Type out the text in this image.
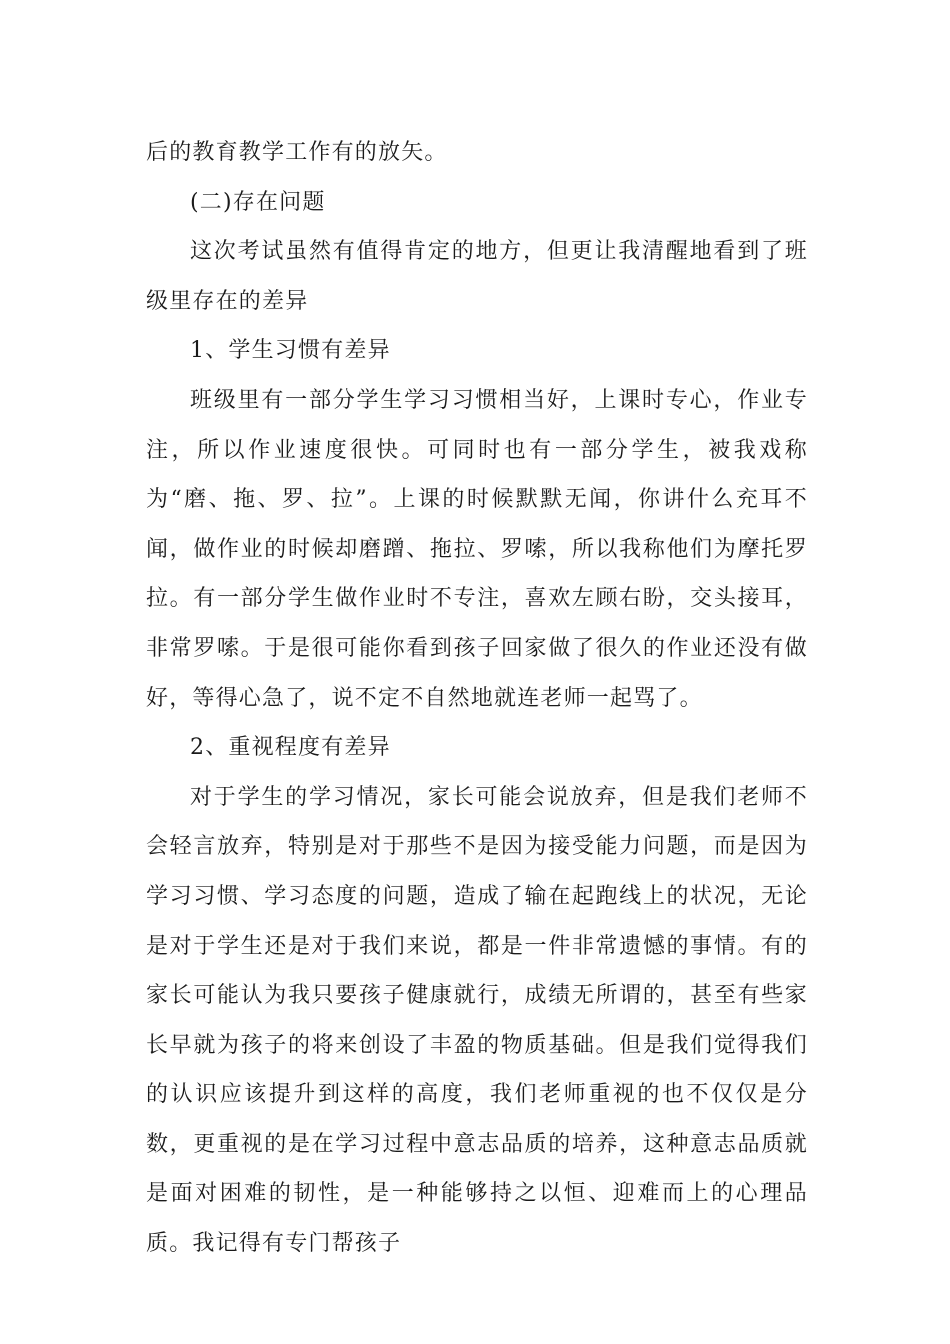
后的教育教学工作有的放矢。

(二)存在问题

这次考试虽然有值得肯定的地方，但更让我清醒地看到了班级里存在的差异

1、学生习惯有差异

班级里有一部分学生学习习惯相当好，上课时专心，作业专注，所以作业速度很快。可同时也有一部分学生，被我戏称为“磨、拖、罗、拉”。上课的时候默默无闻，你讲什么充耳不闻，做作业的时候却磨蹭、拖拉、罗嗦，所以我称他们为摩托罗拉。有一部分学生做作业时不专注，喜欢左顾右盼，交头接耳，非常罗嗦。于是很可能你看到孩子回家做了很久的作业还没有做好，等得心急了，说不定不自然地就连老师一起骂了。

2、重视程度有差异

对于学生的学习情况，家长可能会说放弃，但是我们老师不会轻言放弃，特别是对于那些不是因为接受能力问题，而是因为学习习惯、学习态度的问题，造成了输在起跑线上的状况，无论是对于学生还是对于我们来说，都是一件非常遗憾的事情。有的家长可能认为我只要孩子健康就行，成绩无所谓的，甚至有些家长早就为孩子的将来创设了丰盈的物质基础。但是我们觉得我们的认识应该提升到这样的高度，我们老师重视的也不仅仅是分数，更重视的是在学习过程中意志品质的培养，这种意志品质就是面对困难的韧性，是一种能够持之以恒、迎难而上的心理品质。我记得有专门帮孩子
